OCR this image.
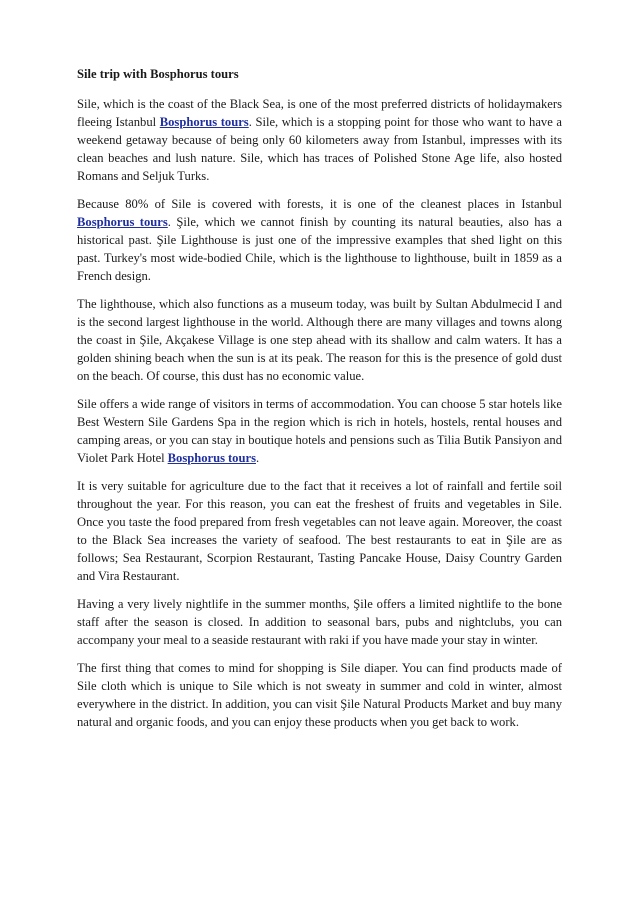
Sile trip with Bosphorus tours

Sile, which is the coast of the Black Sea, is one of the most preferred districts of holidaymakers fleeing Istanbul Bosphorus tours. Sile, which is a stopping point for those who want to have a weekend getaway because of being only 60 kilometers away from Istanbul, impresses with its clean beaches and lush nature. Sile, which has traces of Polished Stone Age life, also hosted Romans and Seljuk Turks.

Because 80% of Sile is covered with forests, it is one of the cleanest places in Istanbul Bosphorus tours. Şile, which we cannot finish by counting its natural beauties, also has a historical past. Şile Lighthouse is just one of the impressive examples that shed light on this past. Turkey's most wide-bodied Chile, which is the lighthouse to lighthouse, built in 1859 as a French design.

The lighthouse, which also functions as a museum today, was built by Sultan Abdulmecid I and is the second largest lighthouse in the world. Although there are many villages and towns along the coast in Şile, Akçakese Village is one step ahead with its shallow and calm waters. It has a golden shining beach when the sun is at its peak. The reason for this is the presence of gold dust on the beach. Of course, this dust has no economic value.

Sile offers a wide range of visitors in terms of accommodation. You can choose 5 star hotels like Best Western Sile Gardens Spa in the region which is rich in hotels, hostels, rental houses and camping areas, or you can stay in boutique hotels and pensions such as Tilia Butik Pansiyon and Violet Park Hotel Bosphorus tours.

It is very suitable for agriculture due to the fact that it receives a lot of rainfall and fertile soil throughout the year. For this reason, you can eat the freshest of fruits and vegetables in Sile. Once you taste the food prepared from fresh vegetables can not leave again. Moreover, the coast to the Black Sea increases the variety of seafood. The best restaurants to eat in Şile are as follows; Sea Restaurant, Scorpion Restaurant, Tasting Pancake House, Daisy Country Garden and Vira Restaurant.

Having a very lively nightlife in the summer months, Şile offers a limited nightlife to the bone staff after the season is closed. In addition to seasonal bars, pubs and nightclubs, you can accompany your meal to a seaside restaurant with raki if you have made your stay in winter.

The first thing that comes to mind for shopping is Sile diaper. You can find products made of Sile cloth which is unique to Sile which is not sweaty in summer and cold in winter, almost everywhere in the district. In addition, you can visit Şile Natural Products Market and buy many natural and organic foods, and you can enjoy these products when you get back to work.
